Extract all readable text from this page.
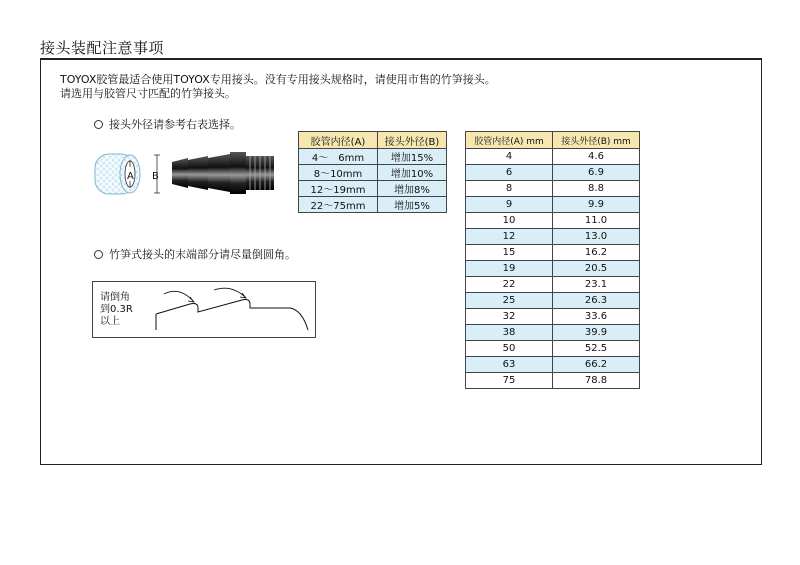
接头装配注意事项
TOYOX胶管最适合使用TOYOX专用接头。没有专用接头规格时，请使用市售的竹笋接头。
请选用与胶管尺寸匹配的竹笋接头。
接头外径请参考右表选择。
A B
竹笋式接头的末端部分请尽量倒圆角。
请倒角
到0.3R
以上
胶管内径(A)	接头外径(B)
4～　6mm	增加15%
8～10mm	增加10%
12～19mm	增加8%
22～75mm	增加5%
胶管内径(A) mm	接头外径(B) mm
4	4.6
6	6.9
8	8.8
9	9.9
10	11.0
12	13.0
15	16.2
19	20.5
22	23.1
25	26.3
32	33.6
38	39.9
50	52.5
63	66.2
75	78.8
